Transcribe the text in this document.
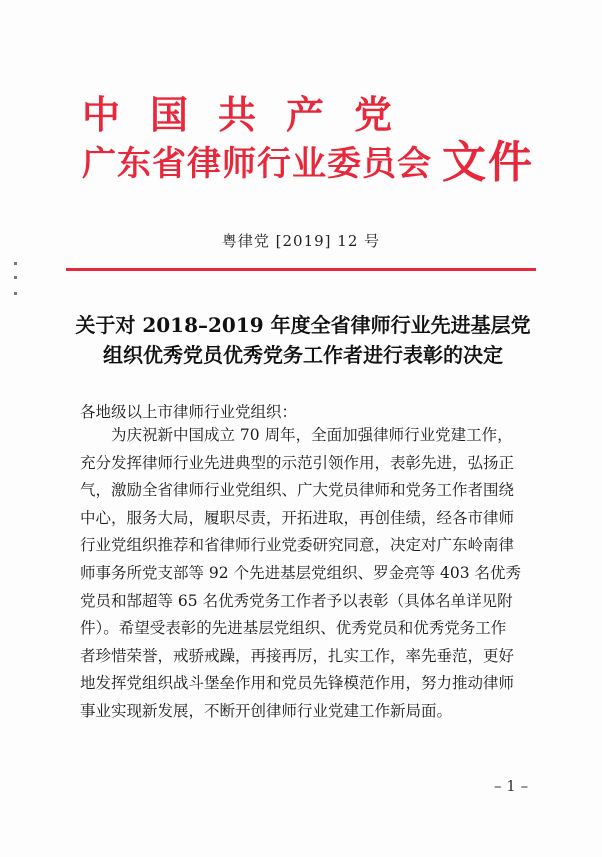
中国共产党
广东省律师行业委员会 文件
粤律党 [2019] 12 号
关于对 2018–2019 年度全省律师行业先进基层党
组织优秀党员优秀党务工作者进行表彰的决定
各地级以上市律师行业党组织：
　　为庆祝新中国成立 70 周年，全面加强律师行业党建工作，
充分发挥律师行业先进典型的示范引领作用，表彰先进，弘扬正
气，激励全省律师行业党组织、广大党员律师和党务工作者围绕
中心，服务大局，履职尽责，开拓进取，再创佳绩，经各市律师
行业党组织推荐和省律师行业党委研究同意，决定对广东岭南律
师事务所党支部等 92 个先进基层党组织、罗金亮等 403 名优秀
党员和郜超等 65 名优秀党务工作者予以表彰（具体名单详见附
件）。希望受表彰的先进基层党组织、优秀党员和优秀党务工作
者珍惜荣誉，戒骄戒躁，再接再厉，扎实工作，率先垂范，更好
地发挥党组织战斗堡垒作用和党员先锋模范作用，努力推动律师
事业实现新发展，不断开创律师行业党建工作新局面。
– 1 –
